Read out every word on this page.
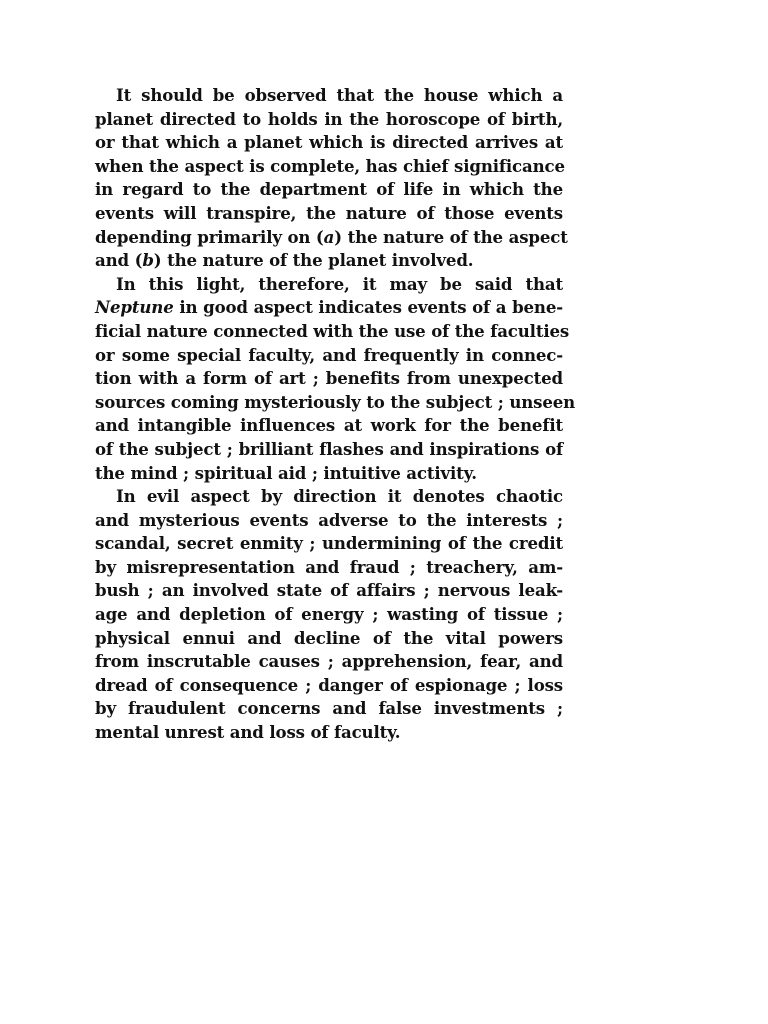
It should be observed that the house which a
planet directed to holds in the horoscope of birth,
or that which a planet which is directed arrives at
when the aspect is complete, has chief significance
in regard to the department of life in which the
events will transpire, the nature of those events
depending primarily on (a) the nature of the aspect
and (b) the nature of the planet involved.
In this light, therefore, it may be said that
Neptune in good aspect indicates events of a bene-
ficial nature connected with the use of the faculties
or some special faculty, and frequently in connec-
tion with a form of art ; benefits from unexpected
sources coming mysteriously to the subject ; unseen
and intangible influences at work for the benefit
of the subject ; brilliant flashes and inspirations of
the mind ; spiritual aid ; intuitive activity.
In evil aspect by direction it denotes chaotic
and mysterious events adverse to the interests ;
scandal, secret enmity ; undermining of the credit
by misrepresentation and fraud ; treachery, am-
bush ; an involved state of affairs ; nervous leak-
age and depletion of energy ; wasting of tissue ;
physical ennui and decline of the vital powers
from inscrutable causes ; apprehension, fear, and
dread of consequence ; danger of espionage ; loss
by fraudulent concerns and false investments ;
mental unrest and loss of faculty.
